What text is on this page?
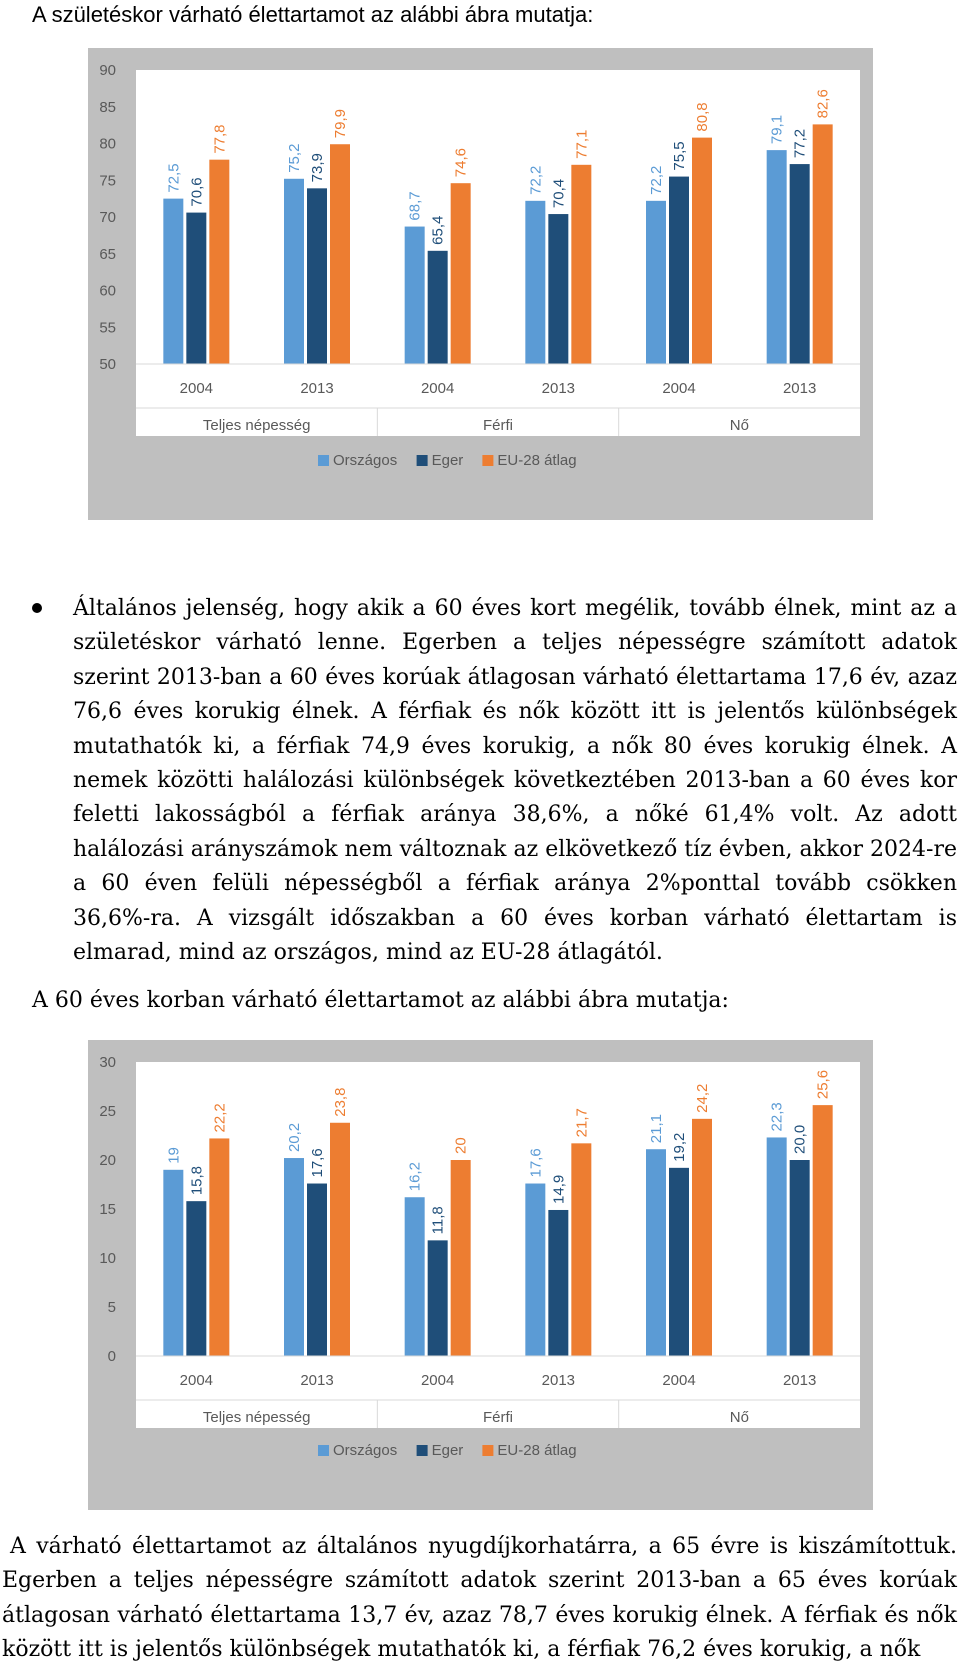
A születéskor várható élettartamot az alábbi ábra mutatja:
50
55
60
65
70
75
80
85
90
72,5
75,2
68,7
72,2	72,2
79,1
70,6
73,9
65,4
70,4
75,5	77,2
77,8
79,9
74,6
77,1
80,8	82,6
2004	2013	2004	2013	2004	2013
Teljes népesség	Férfi	Nő
Országos Eger EU-28 átlag
Általános jelenség, hogy akik a 60 éves kort megélik, tovább élnek, mint az a születéskor várható lenne. Egerben a teljes népességre számított adatok szerint 2013-ban a 60 éves korúak átlagosan várható élettartama 17,6 év, azaz 76,6 éves korukig élnek. A férfiak és nők között itt is jelentős különbségek mutathatók ki, a férfiak 74,9 éves korukig, a nők 80 éves korukig élnek. A nemek közötti halálozási különbségek következtében 2013-ban a 60 éves kor feletti lakosságból a férfiak aránya 38,6%, a nőké 61,4% volt. Az adott halálozási arányszámok nem változnak az elkövetkező tíz évben, akkor 2024-re a 60 éven felüli népességből a férfiak aránya 2%ponttal tovább csökken 36,6%-ra. A vizsgált időszakban a 60 éves korban várható élettartam is elmarad, mind az országos, mind az EU-28 átlagától.
A 60 éves korban várható élettartamot az alábbi ábra mutatja:
0
5
10
15
20
25
30
19
20,2
16,2	17,6
21,1	22,3
15,8
17,6
11,8
14,9
19,2	20,0
22,2
23,8
20
21,7
24,2	25,6
2004	2013	2004	2013	2004	2013
Teljes népesség	Férfi	Nő
Országos Eger EU-28 átlag
A várható élettartamot az általános nyugdíjkorhatárra, a 65 évre is kiszámítottuk. Egerben a teljes népességre számított adatok szerint 2013-ban a 65 éves korúak átlagosan várható élettartama 13,7 év, azaz 78,7 éves korukig élnek. A férfiak és nők között itt is jelentős különbségek mutathatók ki, a férfiak 76,2 éves korukig, a nők
